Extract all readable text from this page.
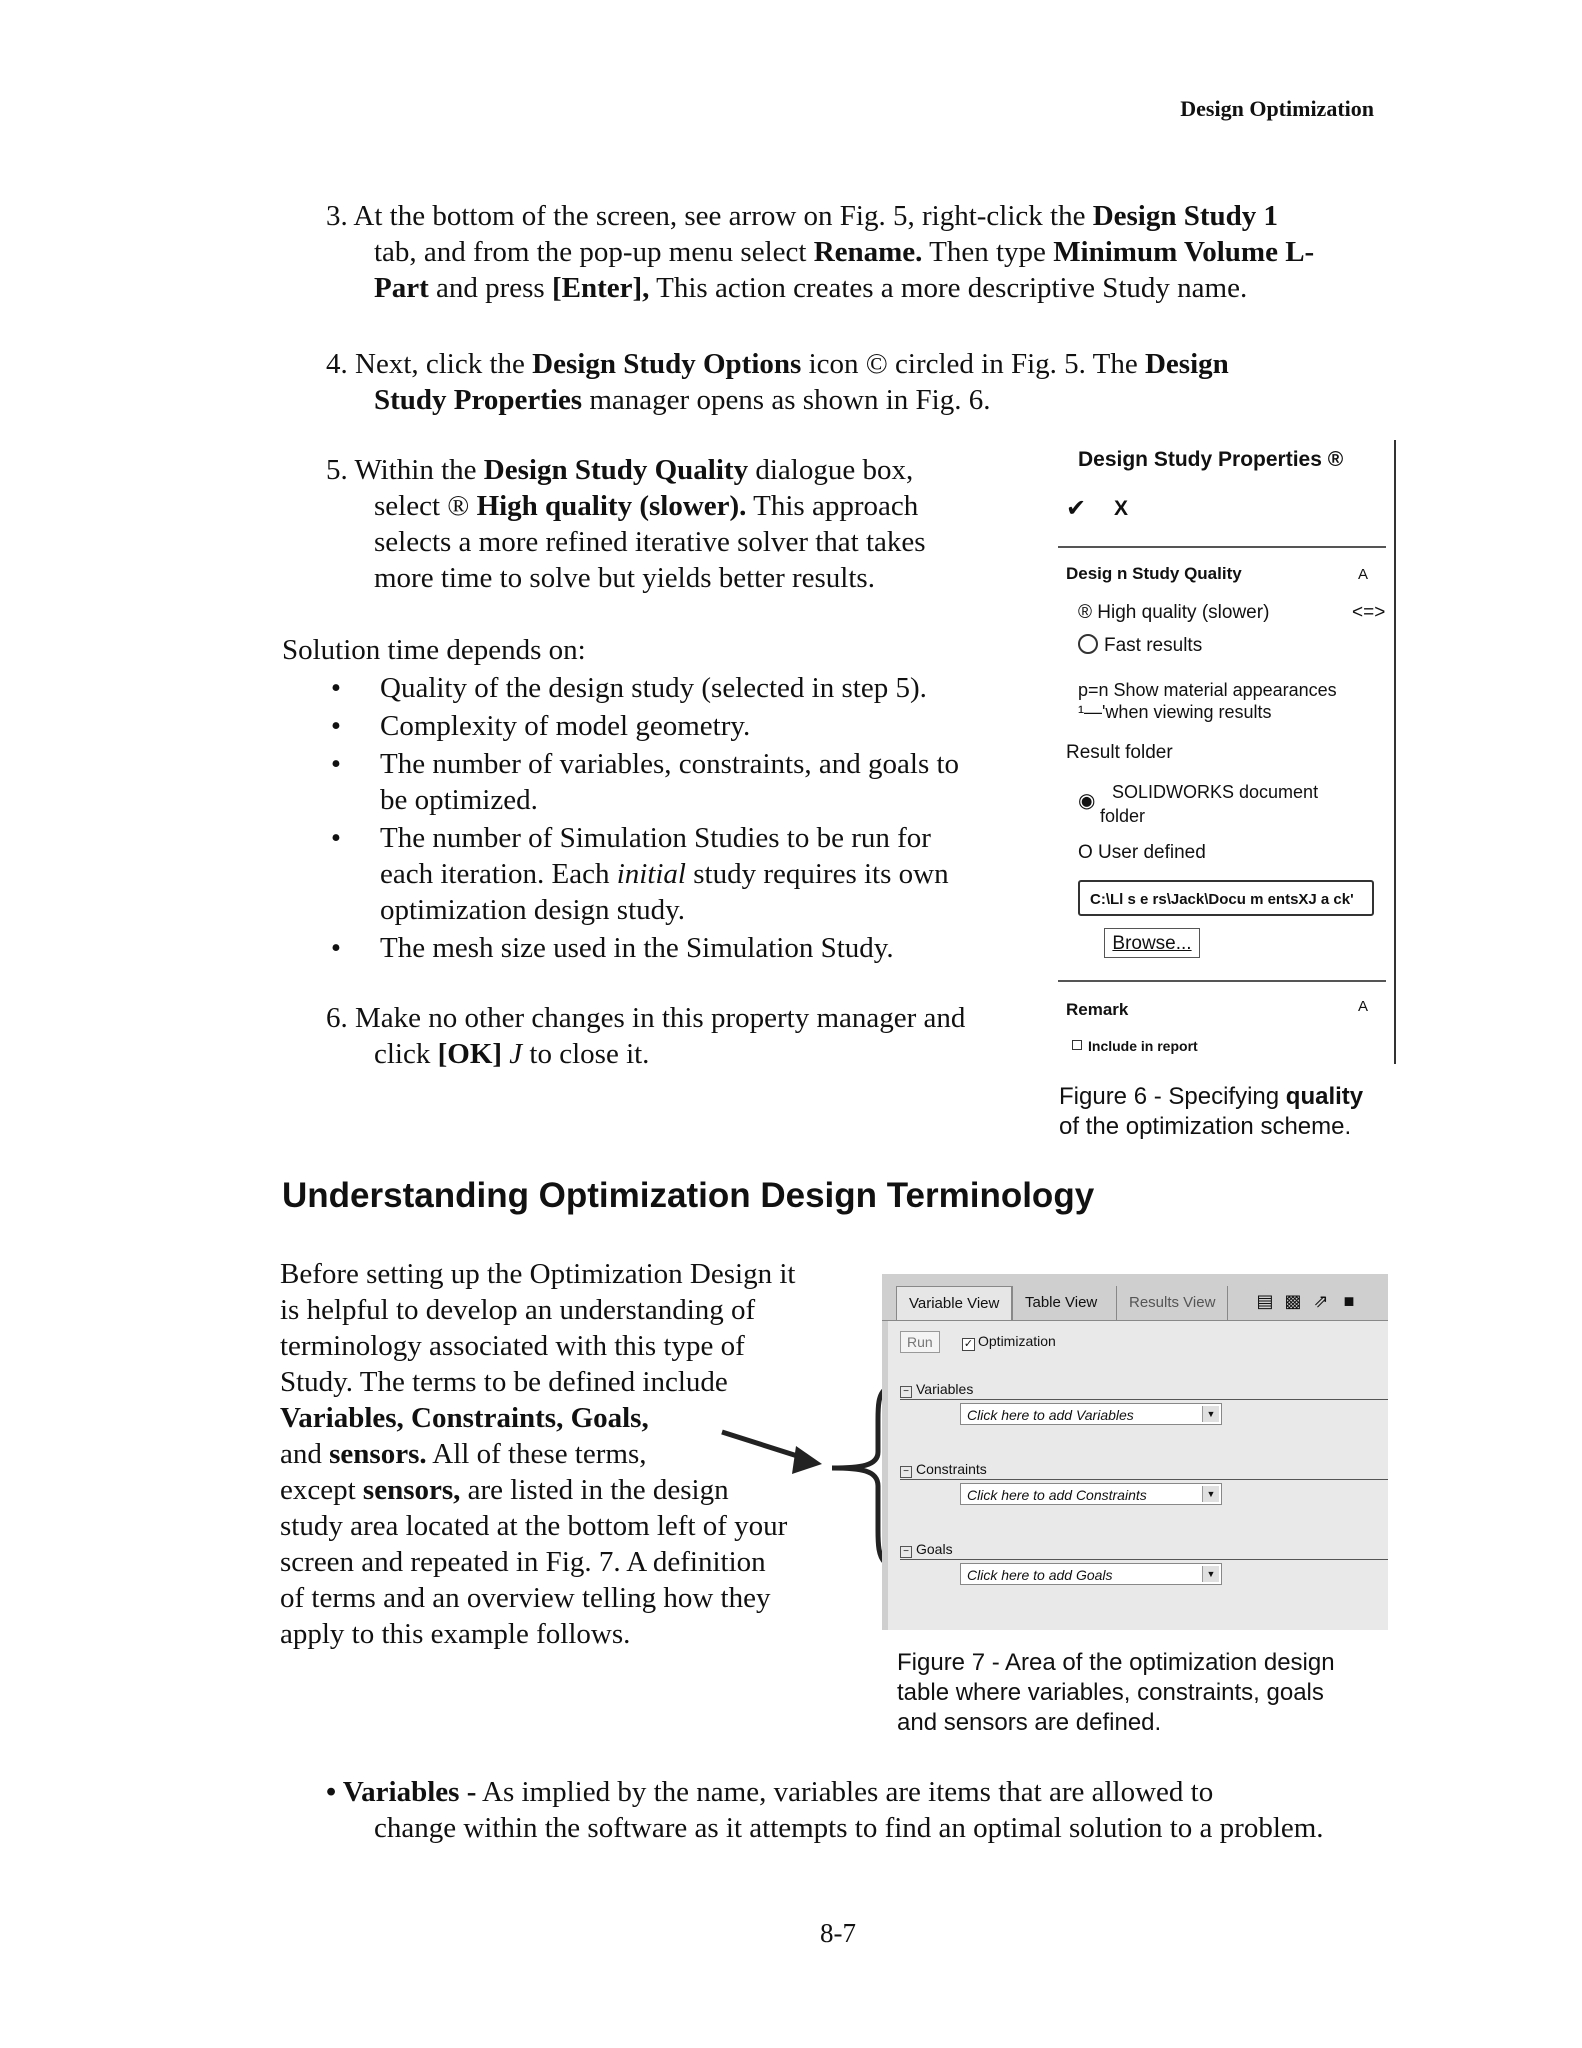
Design Optimization
3. At the bottom of the screen, see arrow on Fig. 5, right-click the Design Study 1
tab, and from the pop-up menu select Rename. Then type Minimum Volume L-
Part and press [Enter], This action creates a more descriptive Study name.
4. Next, click the Design Study Options icon © circled in Fig. 5. The Design
Study Properties manager opens as shown in Fig. 6.
5. Within the Design Study Quality dialogue box,
select ® High quality (slower). This approach
selects a more refined iterative solver that takes
more time to solve but yields better results.
Solution time depends on:
• Quality of the design study (selected in step 5).
• Complexity of model geometry.
• The number of variables, constraints, and goals to
be optimized.
• The number of Simulation Studies to be run for
each iteration. Each initial study requires its own
optimization design study.
• The mesh size used in the Simulation Study.
6. Make no other changes in this property manager and
click [OK] J to close it.
Design Study Properties ®
✔ X
Desig n Study Quality	A
® High quality (slower)	<=>
Fast results
p=n Show material appearances
¹—'when viewing results
Result folder
◉ SOLIDWORKS document
folder
O User defined
C:\Ll s e rs\Jack\Docu m entsXJ a ck'
Browse...
Remark	A
Include in report
Figure 6 - Specifying quality
of the optimization scheme.
Understanding Optimization Design Terminology
Before setting up the Optimization Design it
is helpful to develop an understanding of
terminology associated with this type of
Study. The terms to be defined include
Variables, Constraints, Goals,
and sensors. All of these terms,
except sensors, are listed in the design
study area located at the bottom left of your
screen and repeated in Fig. 7. A definition
of terms and an overview telling how they
apply to this example follows.
Variable View	Table View	Results View	▤ ▩ ⇗ ■
Run	✓ Optimization
− Variables
Click here to add Variables	▼
− Constraints
Click here to add Constraints	▼
− Goals
Click here to add Goals	▼
Figure 7 - Area of the optimization design
table where variables, constraints, goals
and sensors are defined.
• Variables - As implied by the name, variables are items that are allowed to
change within the software as it attempts to find an optimal solution to a problem.
8-7
